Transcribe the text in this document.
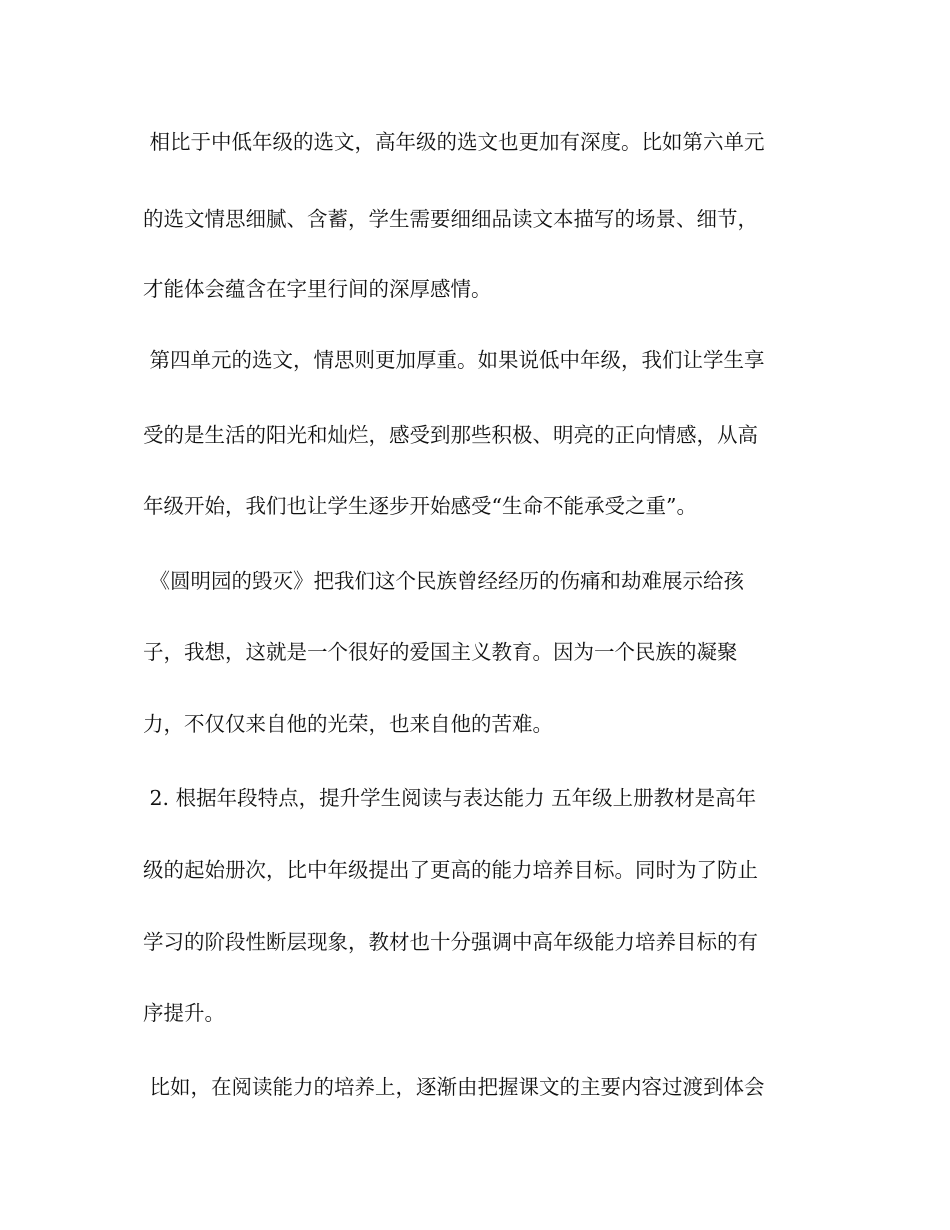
相比于中低年级的选文，高年级的选文也更加有深度。比如第六单元
的选文情思细腻、含蓄，学生需要细细品读文本描写的场景、细节，
才能体会蕴含在字里行间的深厚感情。
第四单元的选文，情思则更加厚重。如果说低中年级，我们让学生享
受的是生活的阳光和灿烂，感受到那些积极、明亮的正向情感，从高
年级开始，我们也让学生逐步开始感受“生命不能承受之重”。
《圆明园的毁灭》把我们这个民族曾经经历的伤痛和劫难展示给孩
子，我想，这就是一个很好的爱国主义教育。因为一个民族的凝聚
力，不仅仅来自他的光荣，也来自他的苦难。
2. 根据年段特点，提升学生阅读与表达能力 五年级上册教材是高年
级的起始册次，比中年级提出了更高的能力培养目标。同时为了防止
学习的阶段性断层现象，教材也十分强调中高年级能力培养目标的有
序提升。
比如，在阅读能力的培养上，逐渐由把握课文的主要内容过渡到体会
